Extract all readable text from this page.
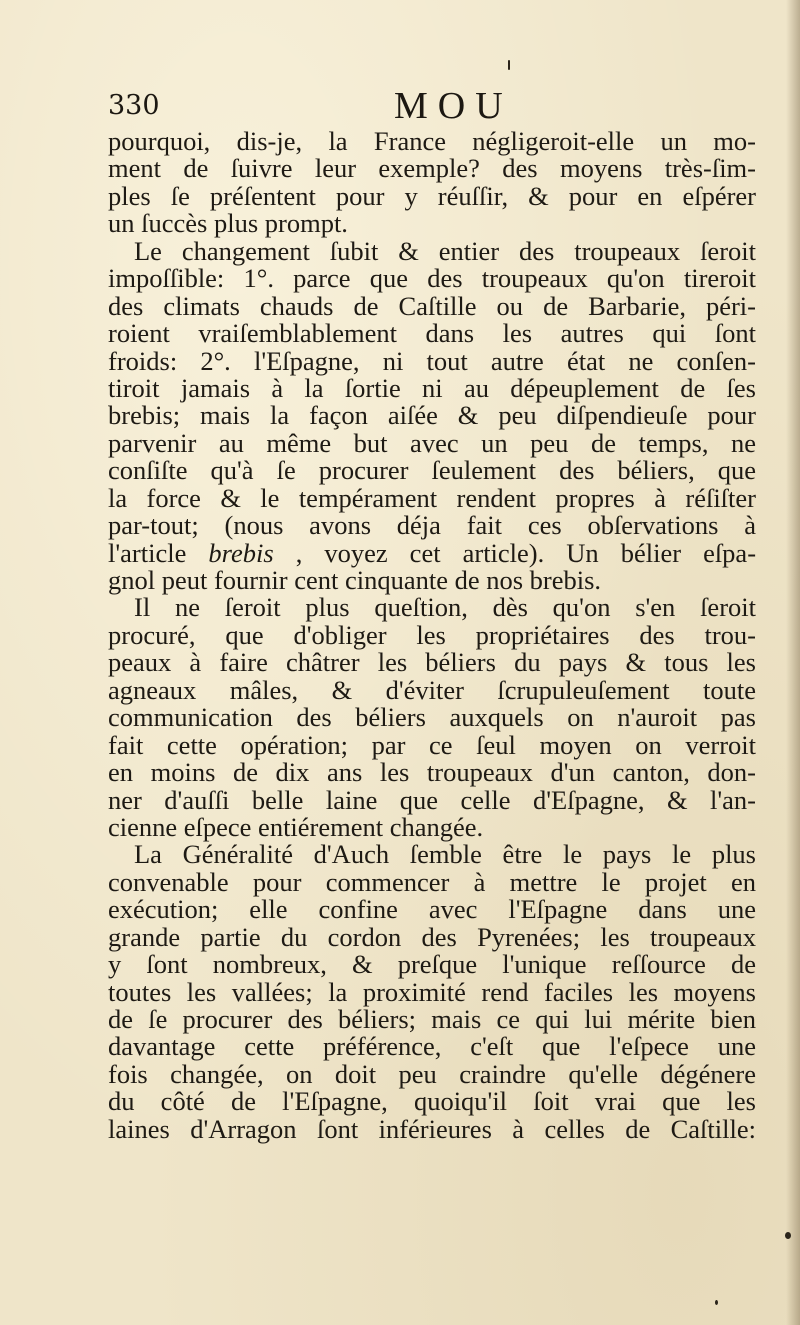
330	MOU
pourquoi, dis-je, la France négligeroit-elle un mo-
ment de ſuivre leur exemple? des moyens très-ſim-
ples ſe préſentent pour y réuſſir, & pour en eſpérer
un ſuccès plus prompt.
Le changement ſubit & entier des troupeaux ſeroit
impoſſible: 1°. parce que des troupeaux qu'on tireroit
des climats chauds de Caſtille ou de Barbarie, péri-
roient vraiſemblablement dans les autres qui ſont
froids: 2°. l'Eſpagne, ni tout autre état ne conſen-
tiroit jamais à la ſortie ni au dépeuplement de ſes
brebis; mais la façon aiſée & peu diſpendieuſe pour
parvenir au même but avec un peu de temps, ne
conſiſte qu'à ſe procurer ſeulement des béliers, que
la force & le tempérament rendent propres à réſiſter
par-tout; (nous avons déja fait ces obſervations à
l'article brebis , voyez cet article). Un bélier eſpa-
gnol peut fournir cent cinquante de nos brebis.
Il ne ſeroit plus queſtion, dès qu'on s'en ſeroit
procuré, que d'obliger les propriétaires des trou-
peaux à faire châtrer les béliers du pays & tous les
agneaux mâles, & d'éviter ſcrupuleuſement toute
communication des béliers auxquels on n'auroit pas
fait cette opération; par ce ſeul moyen on verroit
en moins de dix ans les troupeaux d'un canton, don-
ner d'auſſi belle laine que celle d'Eſpagne, & l'an-
cienne eſpece entiérement changée.
La Généralité d'Auch ſemble être le pays le plus
convenable pour commencer à mettre le projet en
exécution; elle confine avec l'Eſpagne dans une
grande partie du cordon des Pyrenées; les troupeaux
y ſont nombreux, & preſque l'unique reſſource de
toutes les vallées; la proximité rend faciles les moyens
de ſe procurer des béliers; mais ce qui lui mérite bien
davantage cette préférence, c'eſt que l'eſpece une
fois changée, on doit peu craindre qu'elle dégénere
du côté de l'Eſpagne, quoiqu'il ſoit vrai que les
laines d'Arragon ſont inférieures à celles de Caſtille:
